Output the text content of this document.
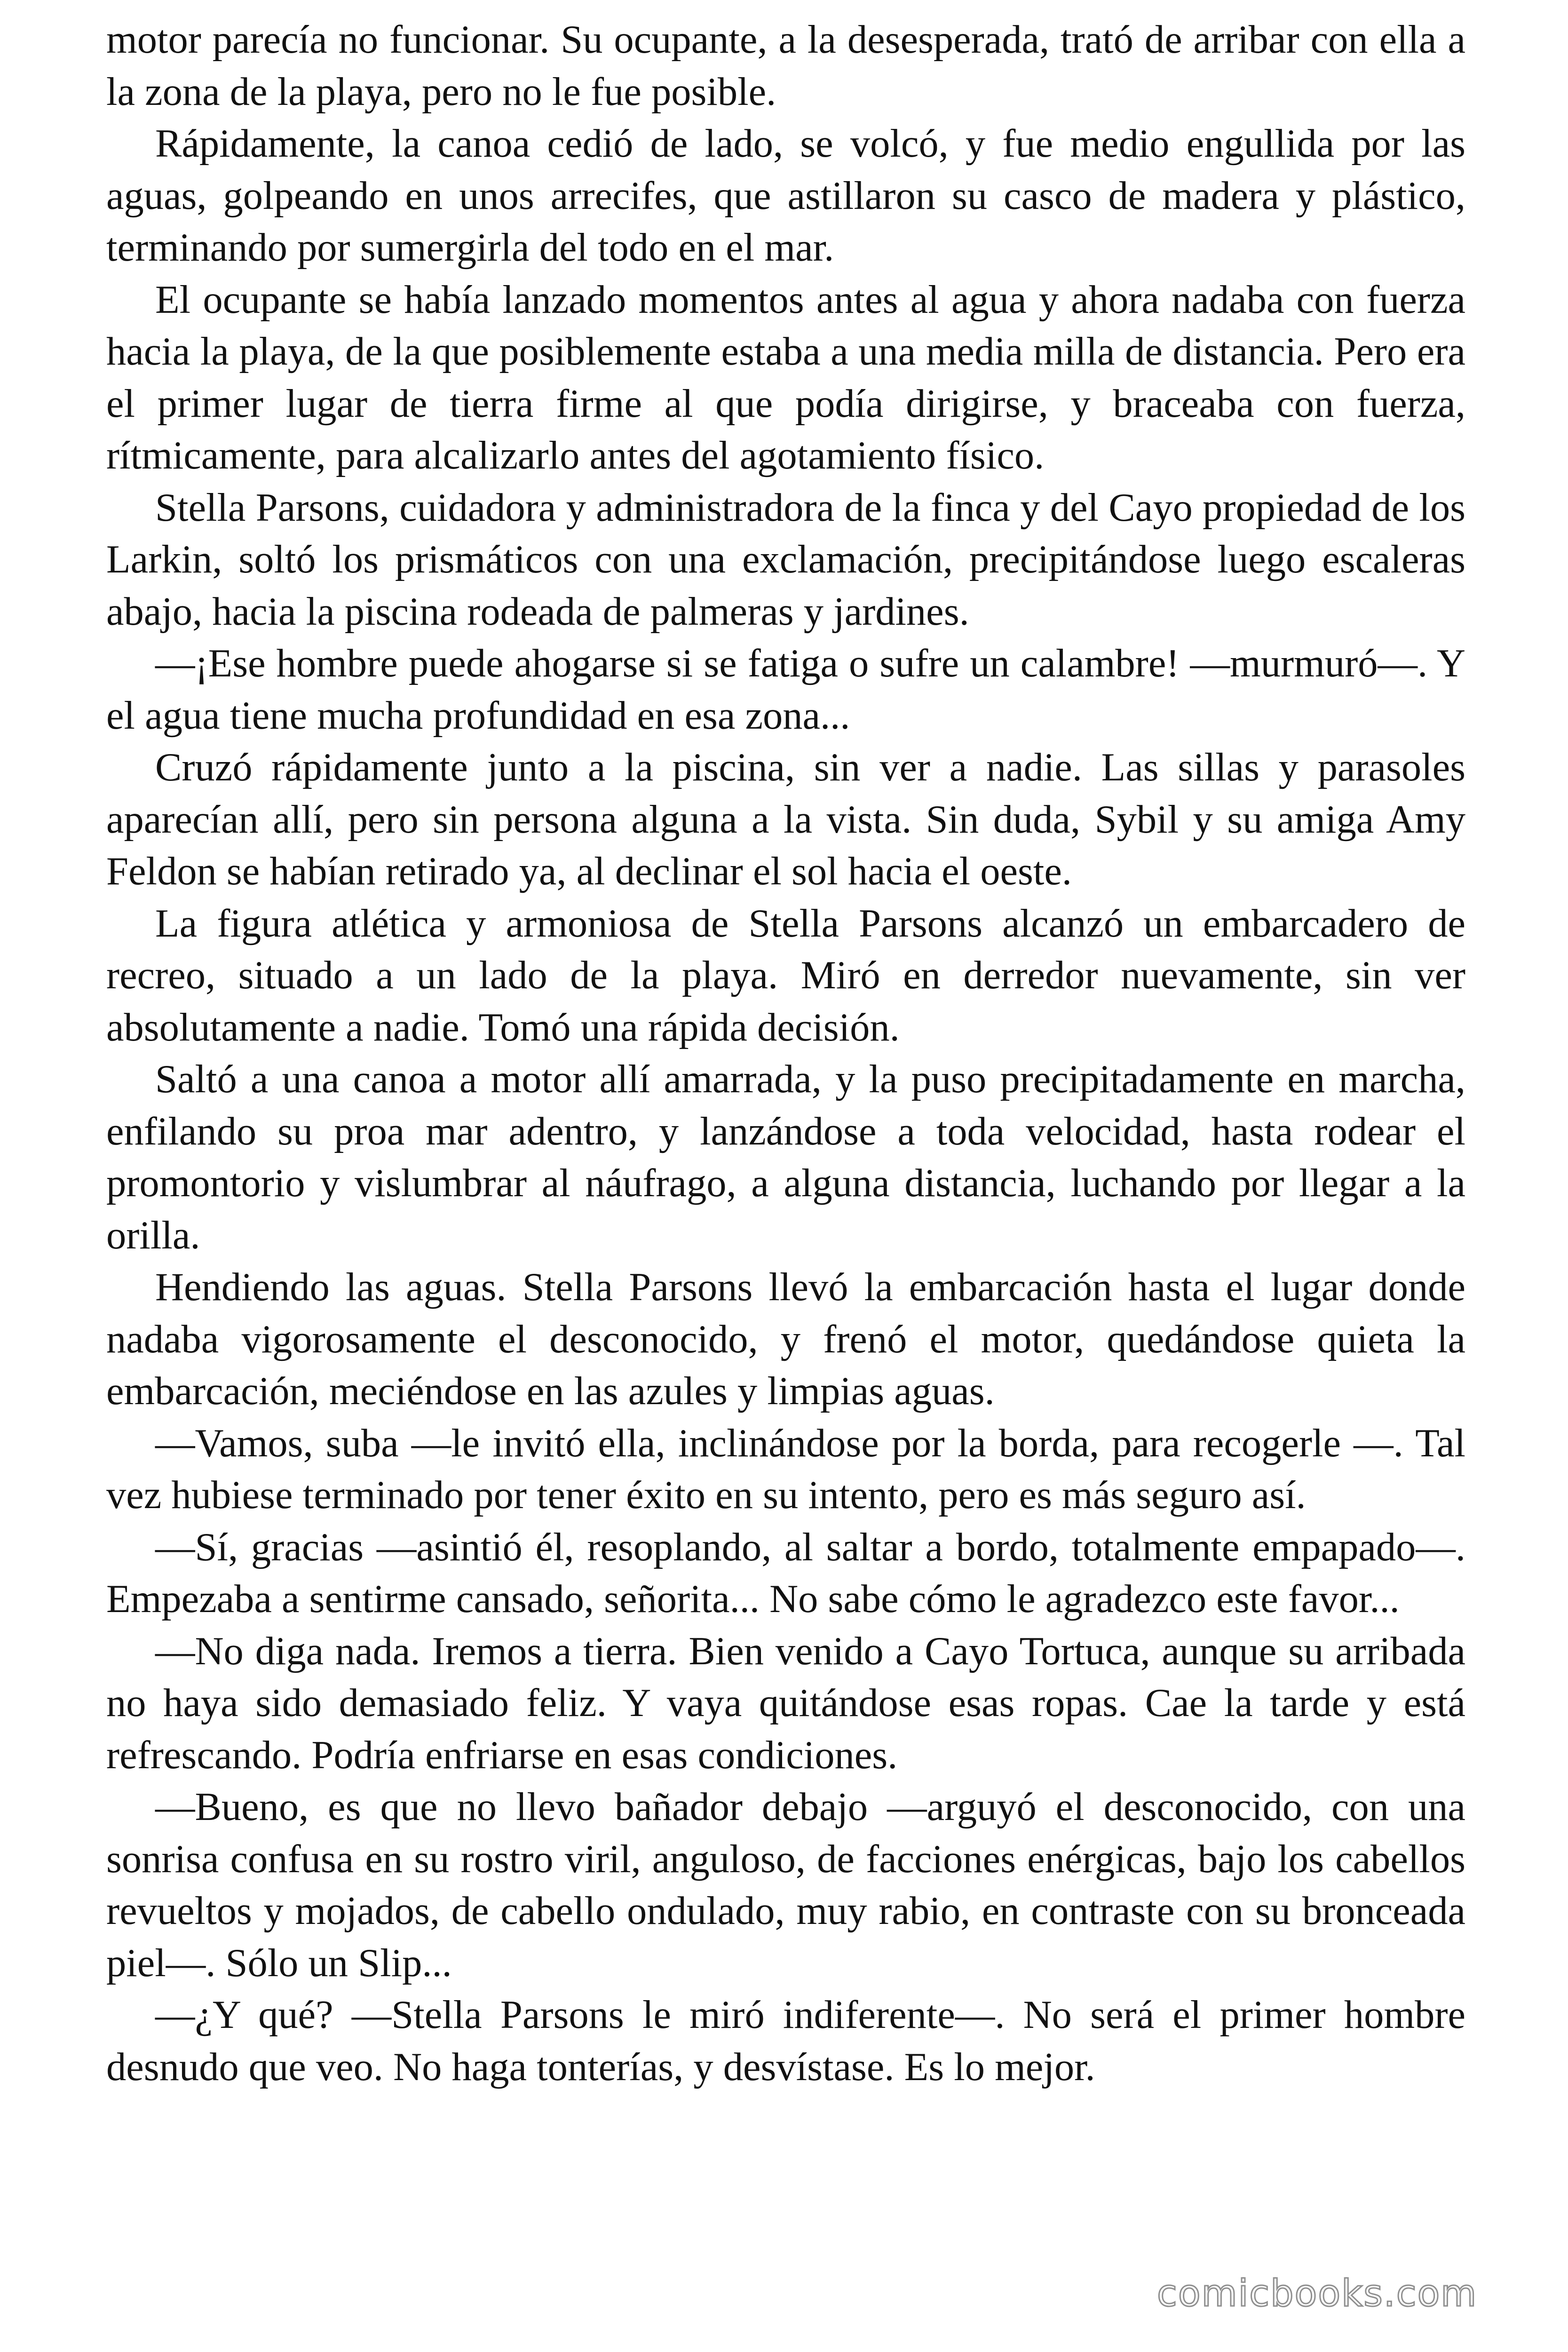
motor parecía no funcionar. Su ocupante, a la desesperada, trató de arribar con ella a la zona de la playa, pero no le fue posible.

Rápidamente, la canoa cedió de lado, se volcó, y fue medio engullida por las aguas, golpeando en unos arrecifes, que astillaron su casco de madera y plástico, terminando por sumergirla del todo en el mar.

El ocupante se había lanzado momentos antes al agua y ahora nadaba con fuerza hacia la playa, de la que posiblemente estaba a una media milla de distancia. Pero era el primer lugar de tierra firme al que podía dirigirse, y braceaba con fuerza, rítmicamente, para alcalizarlo antes del agotamiento físico.

Stella Parsons, cuidadora y administradora de la finca y del Cayo propiedad de los Larkin, soltó los prismáticos con una exclamación, precipitándose luego escaleras abajo, hacia la piscina rodeada de palmeras y jardines.

—¡Ese hombre puede ahogarse si se fatiga o sufre un calambre! —murmuró—. Y el agua tiene mucha profundidad en esa zona...

Cruzó rápidamente junto a la piscina, sin ver a nadie. Las sillas y parasoles aparecían allí, pero sin persona alguna a la vista. Sin duda, Sybil y su amiga Amy Feldon se habían retirado ya, al declinar el sol hacia el oeste.

La figura atlética y armoniosa de Stella Parsons alcanzó un embarcadero de recreo, situado a un lado de la playa. Miró en derredor nuevamente, sin ver absolutamente a nadie. Tomó una rápida decisión.

Saltó a una canoa a motor allí amarrada, y la puso precipitadamente en marcha, enfilando su proa mar adentro, y lanzándose a toda velocidad, hasta rodear el promontorio y vislumbrar al náufrago, a alguna distancia, luchando por llegar a la orilla.

Hendiendo las aguas. Stella Parsons llevó la embarcación hasta el lugar donde nadaba vigorosamente el desconocido, y frenó el motor, quedándose quieta la embarcación, meciéndose en las azules y limpias aguas.

—Vamos, suba —le invitó ella, inclinándose por la borda, para recogerle —. Tal vez hubiese terminado por tener éxito en su intento, pero es más seguro así.

—Sí, gracias —asintió él, resoplando, al saltar a bordo, totalmente empapado—. Empezaba a sentirme cansado, señorita... No sabe cómo le agradezco este favor...

—No diga nada. Iremos a tierra. Bien venido a Cayo Tortuca, aunque su arribada no haya sido demasiado feliz. Y vaya quitándose esas ropas. Cae la tarde y está refrescando. Podría enfriarse en esas condiciones.

—Bueno, es que no llevo bañador debajo —arguyó el desconocido, con una sonrisa confusa en su rostro viril, anguloso, de facciones enérgicas, bajo los cabellos revueltos y mojados, de cabello ondulado, muy rabio, en contraste con su bronceada piel—. Sólo un Slip...

—¿Y qué? —Stella Parsons le miró indiferente—. No será el primer hombre desnudo que veo. No haga tonterías, y desvístase. Es lo mejor.

comicbooks.com
